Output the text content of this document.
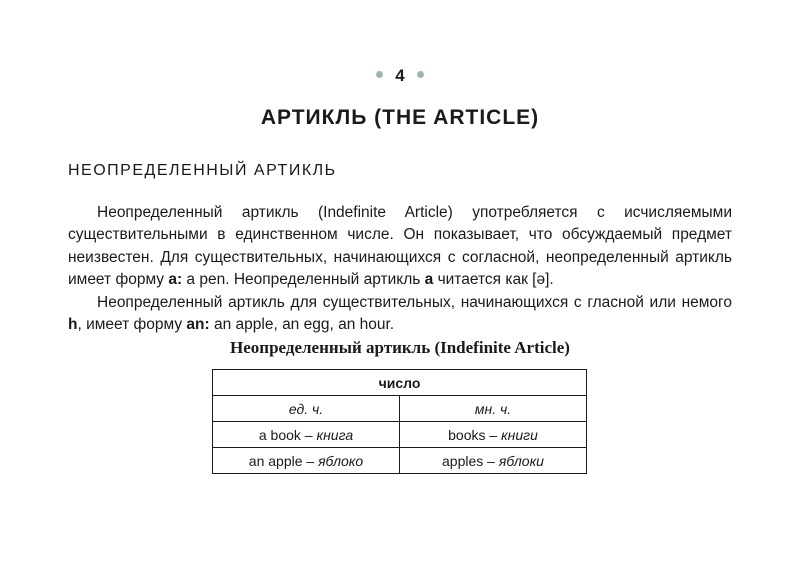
4
АРТИКЛЬ (THE ARTICLE)
НЕОПРЕДЕЛЕННЫЙ АРТИКЛЬ

Неопределенный артикль (Indefinite Article) употребляется с исчисляемыми существительными в единственном числе. Он показывает, что обсуждаемый предмет неизвестен. Для существительных, начинающихся с согласной, неопределенный артикль имеет форму a: a pen. Неопределенный артикль a читается как [ə].

Неопределенный артикль для существительных, начинающихся с гласной или немого h, имеет форму an: an apple, an egg, an hour.

Неопределенный артикль (Indefinite Article)
число	
ед. ч.	мн. ч.
a book – книга	books – книги
an apple – яблоко	apples – яблоки
